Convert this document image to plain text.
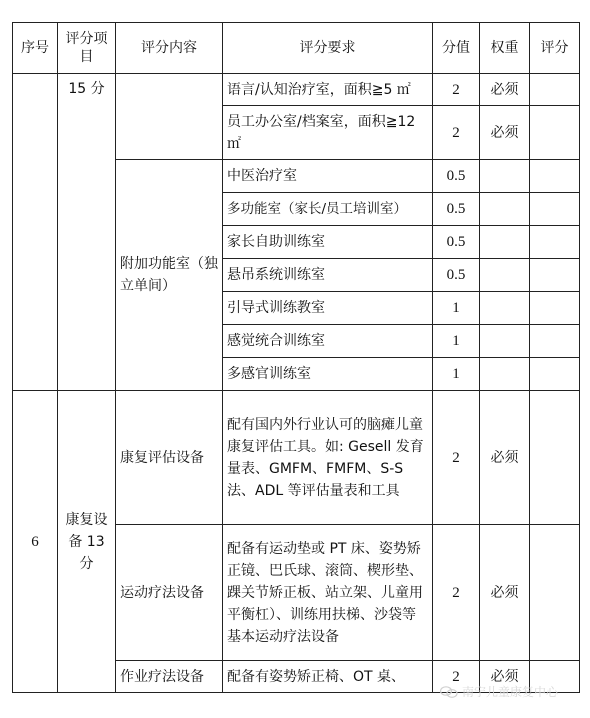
序号	评分项目	评分内容	评分要求	分值	权重	评分
	15 分		语言/认知治疗室，面积≧5 ㎡	2	必须	
			员工办公室/档案室，面积≧12 ㎡	2	必须	
		附加功能室（独立单间）	中医治疗室	0.5		
			多功能室（家长/员工培训室）	0.5		
			家长自助训练室	0.5		
			悬吊系统训练室	0.5		
			引导式训练教室	1		
			感觉统合训练室	1		
			多感官训练室	1		
6	康复设备 13 分	康复评估设备	配有国内外行业认可的脑瘫儿童康复评估工具。如: Gesell 发育量表、GMFM、FMFM、S-S 法、ADL 等评估量表和工具	2	必须	
		运动疗法设备	配备有运动垫或 PT 床、姿势矫正镜、巴氏球、滚筒、楔形垫、踝关节矫正板、站立架、儿童用平衡杠）、训练用扶梯、沙袋等基本运动疗法设备	2	必须	
		作业疗法设备	配备有姿势矫正椅、OT 桌、	2	必须	
南宁儿童康复中心
